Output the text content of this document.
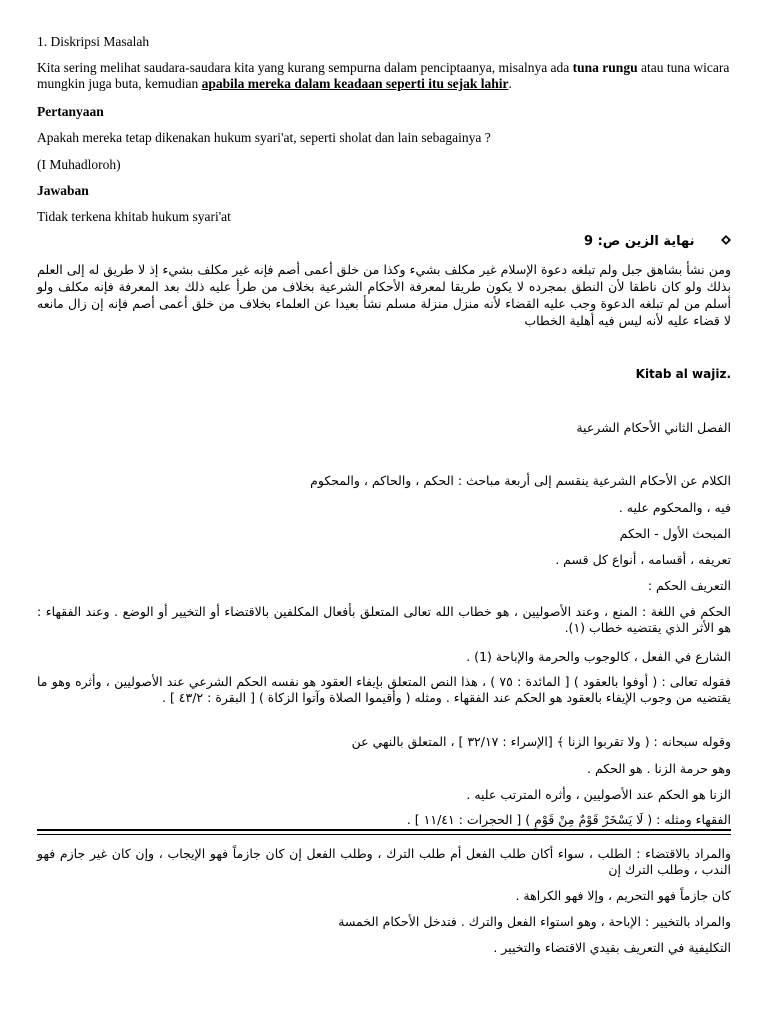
1. Diskripsi Masalah

Kita sering melihat saudara-saudara kita yang kurang sempurna dalam penciptaanya, misalnya ada tuna rungu atau tuna wicara mungkin juga buta, kemudian apabila mereka dalam keadaan seperti itu sejak lahir.

Pertanyaan

Apakah mereka tetap dikenakan hukum syari'at, seperti sholat dan lain sebagainya ?

(I Muhadloroh)

Jawaban

Tidak terkena khitab hukum syari'at

نهاية الزين ص: 9

ومن نشأ بشاهق جبل ولم تبلغه دعوة الإسلام غير مكلف بشيء وكذا من خلق أعمى أصم فإنه غير مكلف بشيء إذ لا طريق له إلى العلم بذلك ولو كان ناطقا لأن النطق بمجرده لا يكون طريقا لمعرفة الأحكام الشرعية بخلاف من طرأ عليه ذلك بعد المعرفة فإنه مكلف ولو أسلم من لم تبلغه الدعوة وجب عليه القضاء لأنه منزل منزلة مسلم نشأ بعيدا عن العلماء بخلاف من خلق أعمى أصم فإنه إن زال مانعه لا قضاء عليه لأنه ليس فيه أهلية الخطاب

.Kitab al wajiz

الفصل الثاني الأحكام الشرعية

الكلام عن الأحكام الشرعية ينقسم إلى أربعة مباحث : الحكم ، والحاكم ، والمحكوم

فيه ، والمحكوم عليه .

المبحث الأول - الحكم

تعريفه ، أقسامه ، أنواع كل قسم .

التعريف الحكم :

الحكم في اللغة : المنع ، وعند الأصوليين ، هو خطاب الله تعالى المتعلق بأفعال المكلفين بالاقتضاء أو التخيير أو الوضع . وعند الفقهاء : هو الأثر الذي يقتضيه خطاب (١).

الشارع في الفعل ، كالوجوب والحرمة والإباحة (1) .

فقوله تعالى : ( أوفوا بالعقود ) [ المائدة : ٧٥ ) ، هذا النص المتعلق بإيفاء العقود هو نفسه الحكم الشرعي عند الأصوليين ، وأثره وهو ما يقتضيه من وجوب الإيفاء بالعقود هو الحكم عند الفقهاء . ومثله ( وأقيموا الصلاة وآتوا الزكاة ) [ البقرة : ٤٣/٢ ] .

وقوله سبحانه : ( ولا تقربوا الزنا ﴾ [الإسراء : ٣٢/١٧ ] ، المتعلق بالنهي عن

وهو حرمة الزنا . هو الحكم .

الزنا هو الحكم عند الأصوليين ، وأثره المترتب عليه .

الفقهاء ومثله : ( لَا يَسْخَرْ قَوْمٌ مِنْ قَوْمٍ ) [ الحجرات : ١١/٤١ ] .

والمراد بالاقتضاء : الطلب ، سواء أكان طلب الفعل أم طلب الترك ، وطلب الفعل إن كان جازماً فهو الإيجاب ، وإن كان غير جازم فهو الندب ، وطلب الترك إن

كان جازماً فهو التحريم ، وإلا فهو الكراهة .

والمراد بالتخيير : الإباحة ، وهو استواء الفعل والترك . فتدخل الأحكام الخمسة

التكليفية في التعريف بقيدي الاقتضاء والتخيير .
